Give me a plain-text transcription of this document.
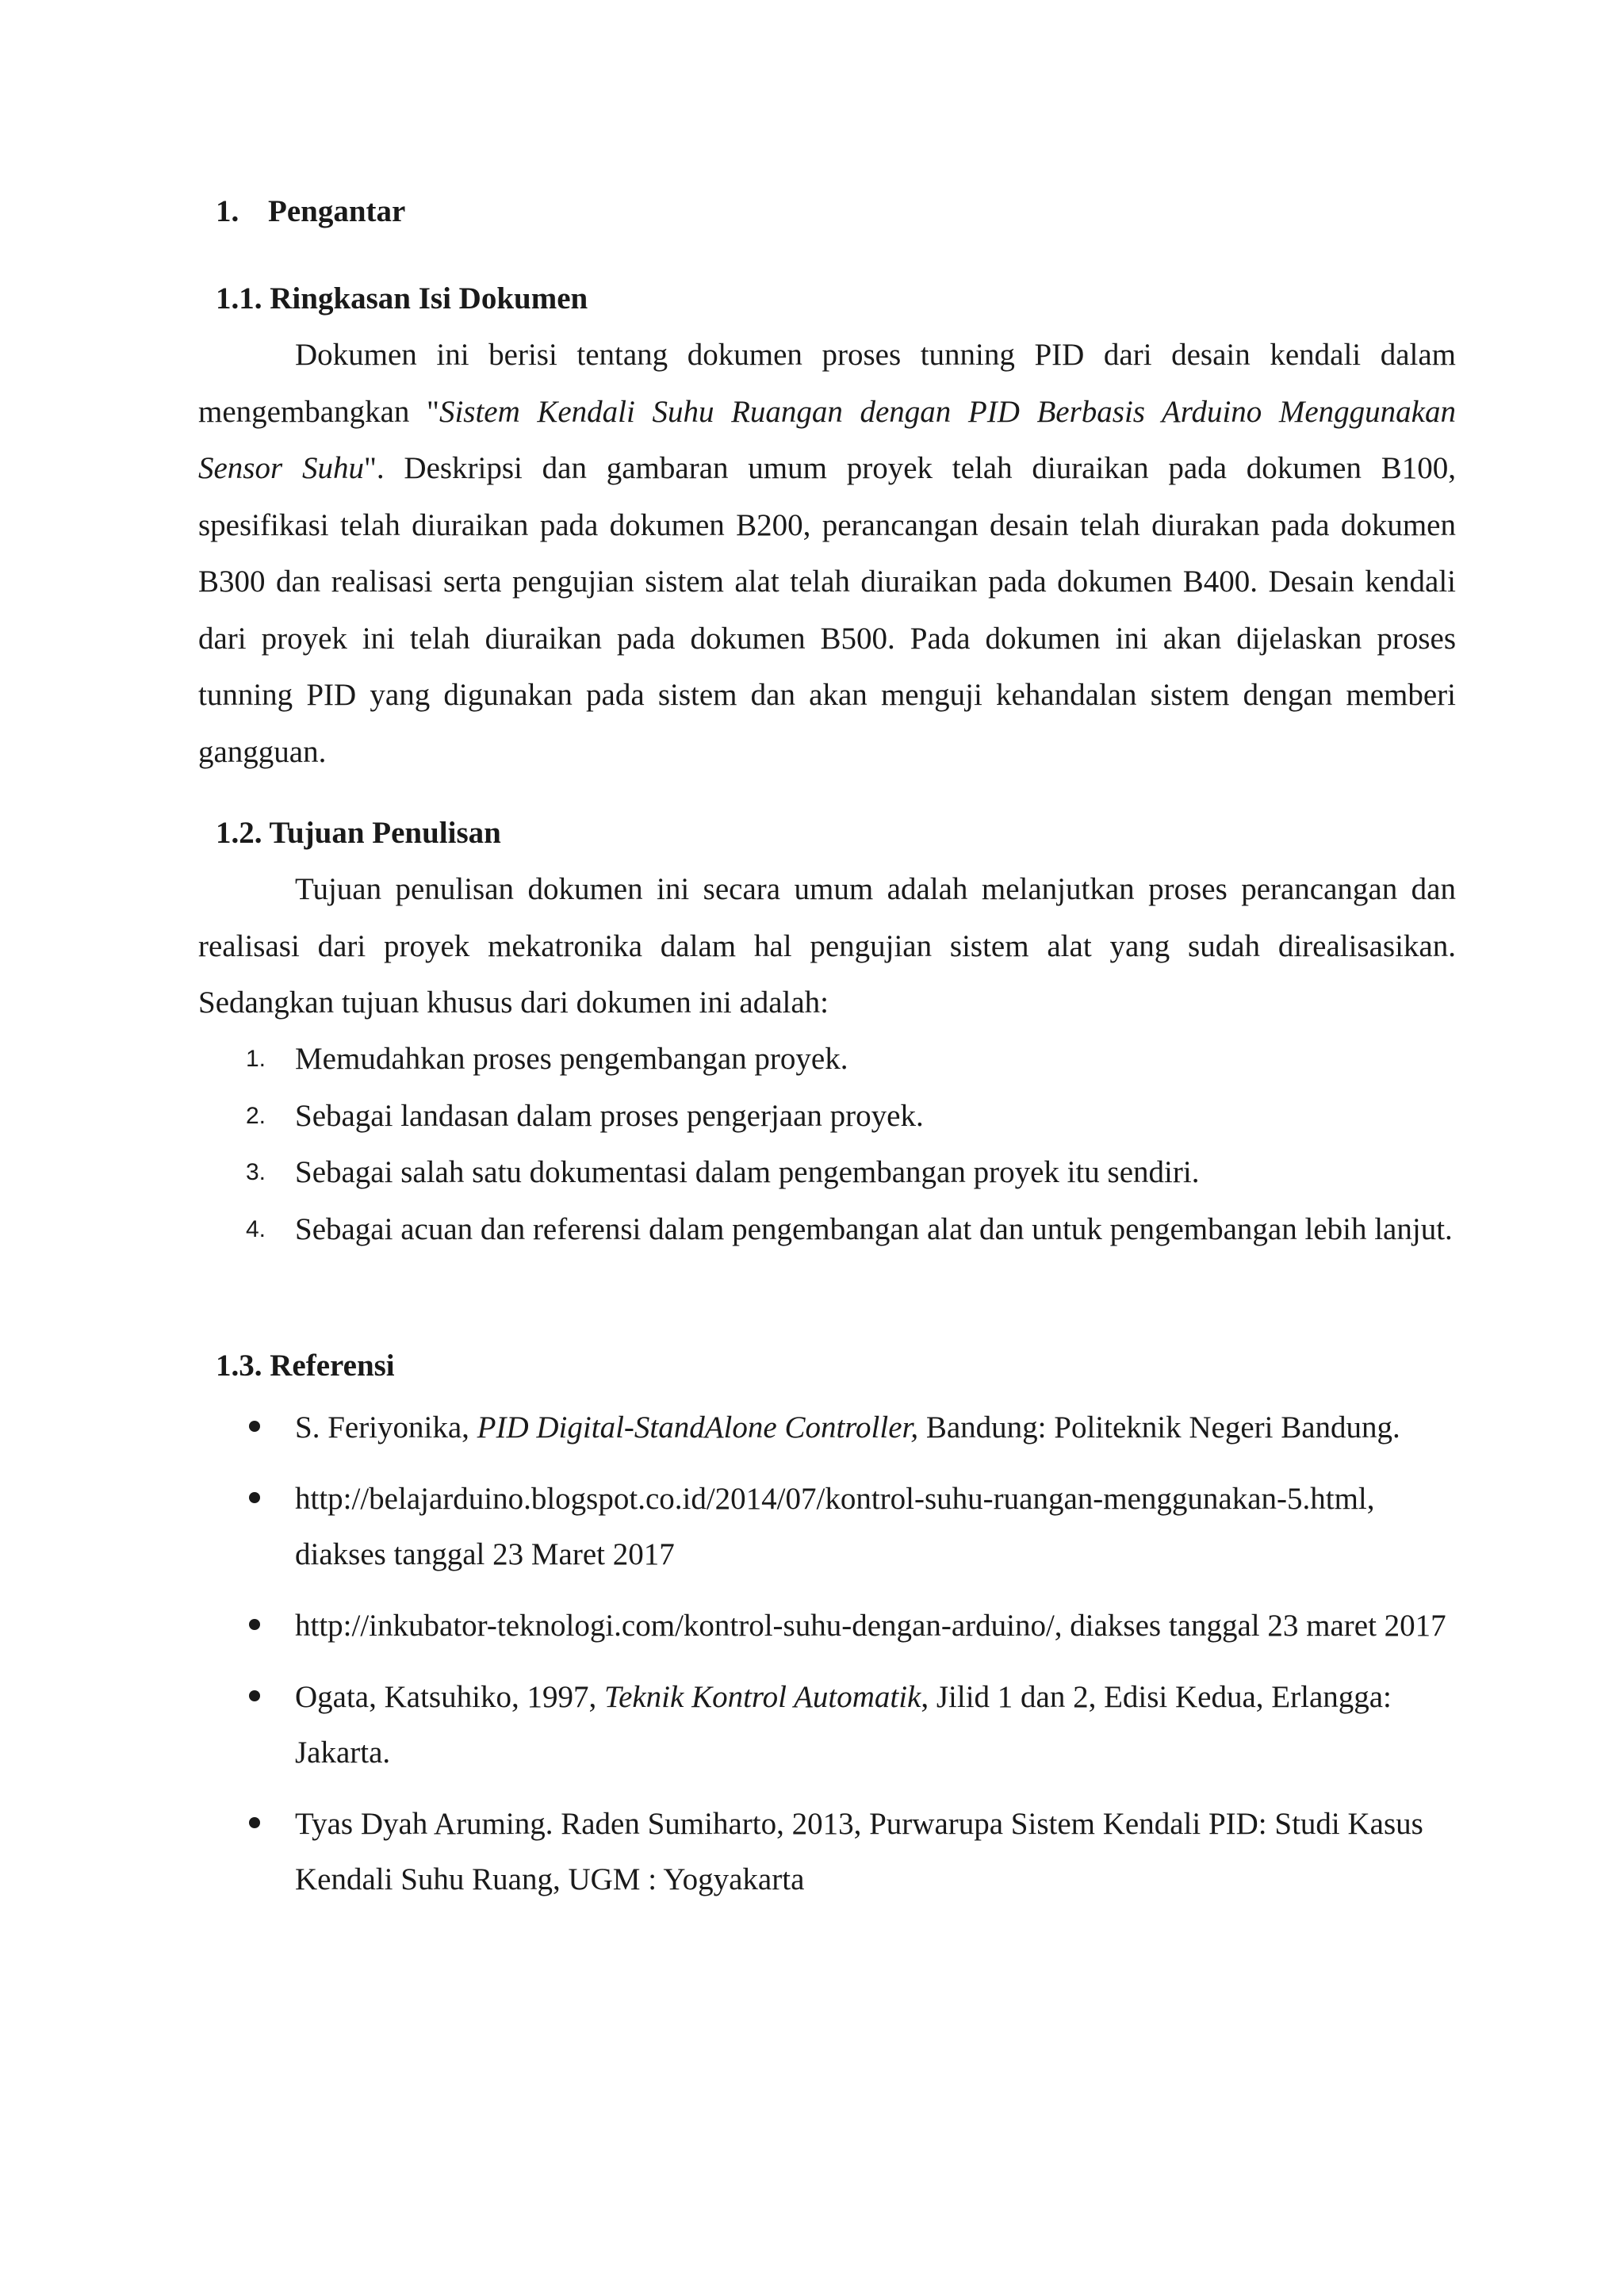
1. Pengantar
1.1. Ringkasan Isi Dokumen

Dokumen ini berisi tentang dokumen proses tunning PID dari desain kendali dalam mengembangkan "Sistem Kendali Suhu Ruangan dengan PID Berbasis Arduino Menggunakan Sensor Suhu". Deskripsi dan gambaran umum proyek telah diuraikan pada dokumen B100, spesifikasi telah diuraikan pada dokumen B200, perancangan desain telah diurakan pada dokumen B300 dan realisasi serta pengujian sistem alat telah diuraikan pada dokumen B400. Desain kendali dari proyek ini telah diuraikan pada dokumen B500. Pada dokumen ini akan dijelaskan proses tunning PID yang digunakan pada sistem dan akan menguji kehandalan sistem dengan memberi gangguan.

1.2. Tujuan Penulisan

Tujuan penulisan dokumen ini secara umum adalah melanjutkan proses perancangan dan realisasi dari proyek mekatronika dalam hal pengujian sistem alat yang sudah direalisasikan. Sedangkan tujuan khusus dari dokumen ini adalah:

1. Memudahkan proses pengembangan proyek.
2. Sebagai landasan dalam proses pengerjaan proyek.
3. Sebagai salah satu dokumentasi dalam pengembangan proyek itu sendiri.
4. Sebagai acuan dan referensi dalam pengembangan alat dan untuk pengembangan lebih lanjut.
1.3. Referensi
S. Feriyonika, PID Digital-StandAlone Controller, Bandung: Politeknik Negeri Bandung.
http://belajarduino.blogspot.co.id/2014/07/kontrol-suhu-ruangan-menggunakan-5.html, diakses tanggal 23 Maret 2017
http://inkubator-teknologi.com/kontrol-suhu-dengan-arduino/, diakses tanggal 23 maret 2017
Ogata, Katsuhiko, 1997, Teknik Kontrol Automatik, Jilid 1 dan 2, Edisi Kedua, Erlangga: Jakarta.
Tyas Dyah Aruming. Raden Sumiharto, 2013, Purwarupa Sistem Kendali PID: Studi Kasus Kendali Suhu Ruang, UGM : Yogyakarta
